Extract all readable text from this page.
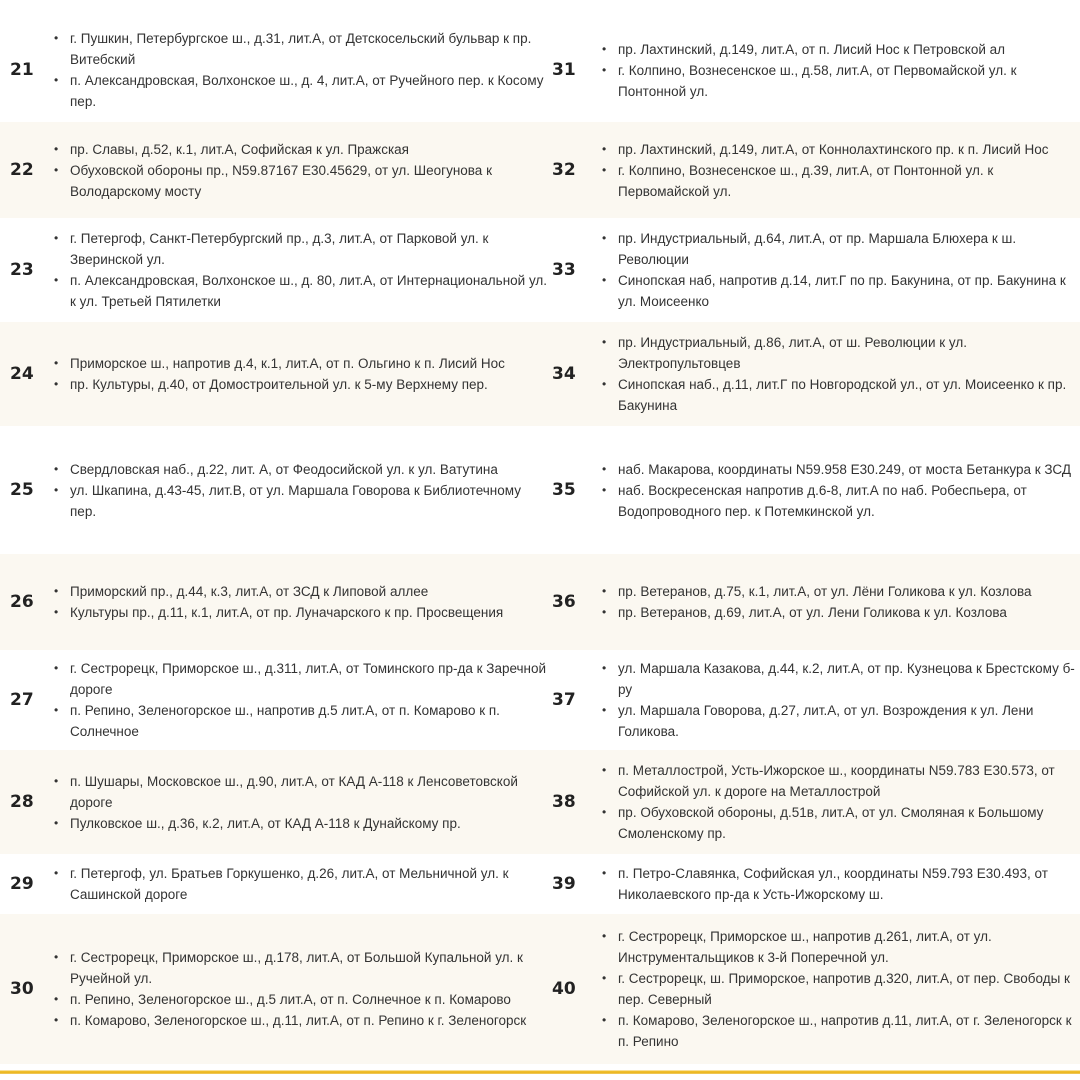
21
• г. Пушкин, Петербургское ш., д.31, лит.А, от Детскосельский бульвар к пр. Витебский
• п. Александровская, Волхонское ш., д. 4, лит.А, от Ручейного пер. к Косому пер.
22
• пр. Славы, д.52, к.1, лит.А, Софийская к ул. Пражская
• Обуховской обороны пр., N59.87167 E30.45629, от ул. Шеогунова к Володарскому мосту
23
• г. Петергоф, Санкт-Петербургский пр., д.3, лит.А, от Парковой ул. к Зверинской ул.
• п. Александровская, Волхонское ш., д. 80, лит.А, от Интернациональной ул. к ул. Третьей Пятилетки
24
• Приморское ш., напротив д.4, к.1, лит.А, от п. Ольгино к п. Лисий Нос
• пр. Культуры, д.40, от Домостроительной ул. к 5-му Верхнему пер.
25
• Свердловская наб., д.22, лит. А, от Феодосийской ул. к ул. Ватутина
• ул. Шкапина, д.43-45, лит.В, от ул. Маршала Говорова к Библиотечному пер.
26
• Приморский пр., д.44, к.3, лит.А, от ЗСД к Липовой аллее
• Культуры пр., д.11, к.1, лит.А, от пр. Луначарского к пр. Просвещения
27
• г. Сестрорецк, Приморское ш., д.311, лит.А, от Томинского пр-да к Заречной дороге
• п. Репино, Зеленогорское ш., напротив д.5 лит.А, от п. Комарово к п. Солнечное
28
• п. Шушары, Московское ш., д.90, лит.А, от КАД А-118 к Ленсоветовской дороге
• Пулковское ш., д.36, к.2, лит.А, от КАД А-118 к Дунайскому пр.
29
• г. Петергоф, ул. Братьев Горкушенко, д.26, лит.А, от Мельничной ул. к Сашинской дороге
30
• г. Сестрорецк, Приморское ш., д.178, лит.А, от Большой Купальной ул. к Ручейной ул.
• п. Репино, Зеленогорское ш., д.5 лит.А, от п. Солнечное к п. Комарово
• п. Комарово, Зеленогорское ш., д.11, лит.А, от п. Репино к г. Зеленогорск
31
• пр. Лахтинский, д.149, лит.А, от п. Лисий Нос к Петровской ал
• г. Колпино, Вознесенское ш., д.58, лит.А, от Первомайской ул. к Понтонной ул.
32
• пр. Лахтинский, д.149, лит.А, от Коннолахтинского пр. к п. Лисий Нос
• г. Колпино, Вознесенское ш., д.39, лит.А, от Понтонной ул. к Первомайской ул.
33
• пр. Индустриальный, д.64, лит.А, от пр. Маршала Блюхера к ш. Революции
• Синопская наб, напротив д.14, лит.Г по пр. Бакунина, от пр. Бакунина к ул. Моисеенко
34
• пр. Индустриальный, д.86, лит.А, от ш. Революции к ул. Электропультовцев
• Синопская наб., д.11, лит.Г по Новгородской ул., от ул. Моисеенко к пр. Бакунина
35
• наб. Макарова, координаты N59.958 E30.249, от моста Бетанкура к ЗСД
• наб. Воскресенская напротив д.6-8, лит.А по наб. Робеспьера, от Водопроводного пер. к Потемкинской ул.
36
• пр. Ветеранов, д.75, к.1, лит.А, от ул. Лёни Голикова к ул. Козлова
• пр. Ветеранов, д.69, лит.А, от ул. Лени Голикова к ул. Козлова
37
• ул. Маршала Казакова, д.44, к.2, лит.А, от пр. Кузнецова к Брестскому б-ру
• ул. Маршала Говорова, д.27, лит.А, от ул. Возрождения к ул. Лени Голикова.
38
• п. Металлострой, Усть-Ижорское ш., координаты N59.783 E30.573, от Софийской ул. к дороге на Металлострой
• пр. Обуховской обороны, д.51в, лит.А, от ул. Смоляная к Большому Смоленскому пр.
39
• п. Петро-Славянка, Софийская ул., координаты N59.793 E30.493, от Николаевского пр-да к Усть-Ижорскому ш.
40
• г. Сестрорецк, Приморское ш., напротив д.261, лит.А, от ул. Инструментальщиков к 3-й Поперечной ул.
• г. Сестрорецк, ш. Приморское, напротив д.320, лит.А, от пер. Свободы к пер. Северный
• п. Комарово, Зеленогорское ш., напротив д.11, лит.А, от г. Зеленогорск к п. Репино
